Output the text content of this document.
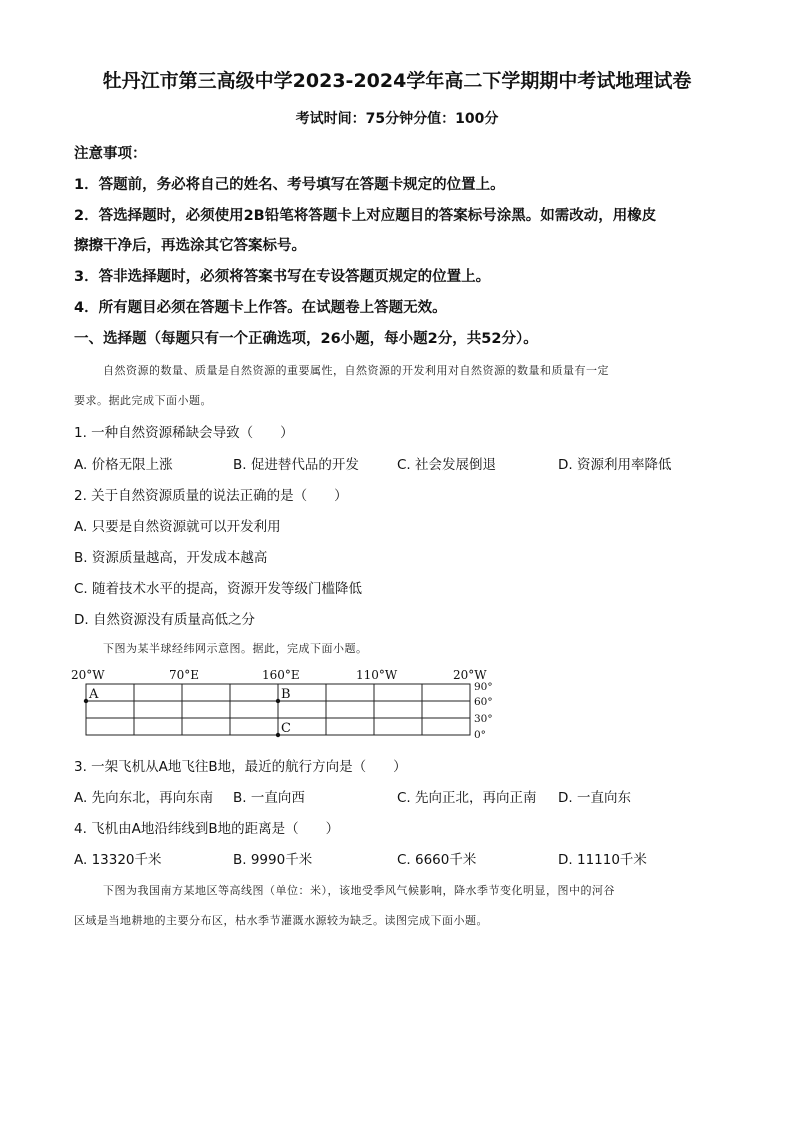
牡丹江市第三高级中学2023-2024学年高二下学期期中考试地理试卷
考试时间：75分钟分值：100分
注意事项：
1．答题前，务必将自己的姓名、考号填写在答题卡规定的位置上。
2．答选择题时，必须使用2B铅笔将答题卡上对应题目的答案标号涂黑。如需改动，用橡皮
擦擦干净后，再选涂其它答案标号。
3．答非选择题时，必须将答案书写在专设答题页规定的位置上。
4．所有题目必须在答题卡上作答。在试题卷上答题无效。
一、选择题（每题只有一个正确选项，26小题，每小题2分，共52分）。
自然资源的数量、质量是自然资源的重要属性，自然资源的开发利用对自然资源的数量和质量有一定
要求。据此完成下面小题。
1. 一种自然资源稀缺会导致（　　）
A. 价格无限上涨	B. 促进替代品的开发	C. 社会发展倒退	D. 资源利用率降低
2. 关于自然资源质量的说法正确的是（　　）
A. 只要是自然资源就可以开发利用
B. 资源质量越高，开发成本越高
C. 随着技术水平的提高，资源开发等级门槛降低
D. 自然资源没有质量高低之分
下图为某半球经纬网示意图。据此，完成下面小题。
20°W	70°E	160°E	110°W	20°W
A	B
C
90°
60°
30°
0°
3. 一架飞机从A地飞往B地，最近的航行方向是（　　）
A. 先向东北，再向东南 B. 一直向西	C. 先向正北，再向正南 D. 一直向东
4. 飞机由A地沿纬线到B地的距离是（　　）
A. 13320千米	B. 9990千米	C. 6660千米	D. 11110千米
下图为我国南方某地区等高线图（单位：米），该地受季风气候影响，降水季节变化明显，图中的河谷
区域是当地耕地的主要分布区，枯水季节灌溉水源较为缺乏。读图完成下面小题。
